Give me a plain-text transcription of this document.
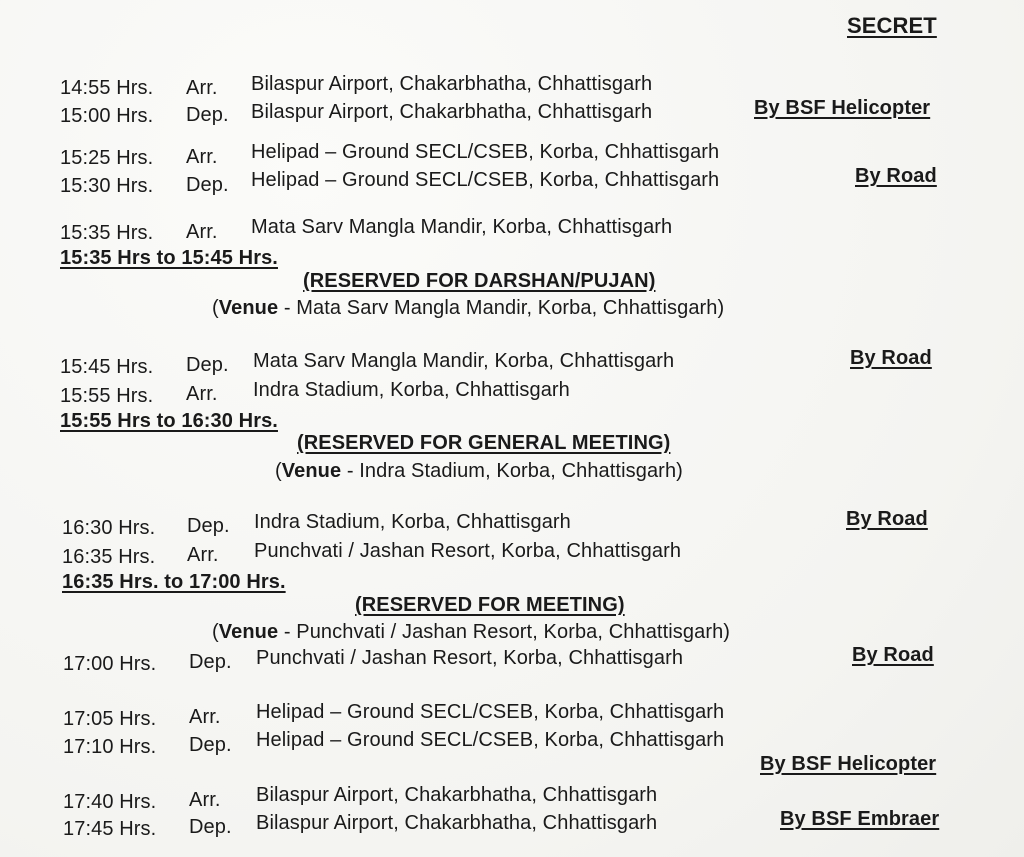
SECRET
14:55 Hrs.	Arr.	Bilaspur Airport, Chakarbhatha, Chhattisgarh
15:00 Hrs.	Dep.	Bilaspur Airport, Chakarbhatha, Chhattisgarh	By BSF Helicopter
15:25 Hrs.	Arr.	Helipad – Ground SECL/CSEB, Korba, Chhattisgarh
15:30 Hrs.	Dep.	Helipad – Ground SECL/CSEB, Korba, Chhattisgarh	By Road
15:35 Hrs.	Arr.	Mata Sarv Mangla Mandir, Korba, Chhattisgarh
15:35 Hrs to 15:45 Hrs.
(RESERVED FOR DARSHAN/PUJAN)
(Venue - Mata Sarv Mangla Mandir, Korba, Chhattisgarh)
15:45 Hrs.	Dep.	Mata Sarv Mangla Mandir, Korba, Chhattisgarh	By Road
15:55 Hrs.	Arr.	Indra Stadium, Korba, Chhattisgarh
15:55 Hrs to 16:30 Hrs.
(RESERVED FOR GENERAL MEETING)
(Venue - Indra Stadium, Korba, Chhattisgarh)
16:30 Hrs.	Dep.	Indra Stadium, Korba, Chhattisgarh	By Road
16:35 Hrs.	Arr.	Punchvati / Jashan Resort, Korba, Chhattisgarh
16:35 Hrs. to 17:00 Hrs.
(RESERVED FOR MEETING)
(Venue - Punchvati / Jashan Resort, Korba, Chhattisgarh)
17:00 Hrs.	Dep.	Punchvati / Jashan Resort, Korba, Chhattisgarh	By Road
17:05 Hrs.	Arr.	Helipad – Ground SECL/CSEB, Korba, Chhattisgarh
17:10 Hrs.	Dep.	Helipad – Ground SECL/CSEB, Korba, Chhattisgarh
By BSF Helicopter
17:40 Hrs.	Arr.	Bilaspur Airport, Chakarbhatha, Chhattisgarh
17:45 Hrs.	Dep.	Bilaspur Airport, Chakarbhatha, Chhattisgarh	By BSF Embraer
